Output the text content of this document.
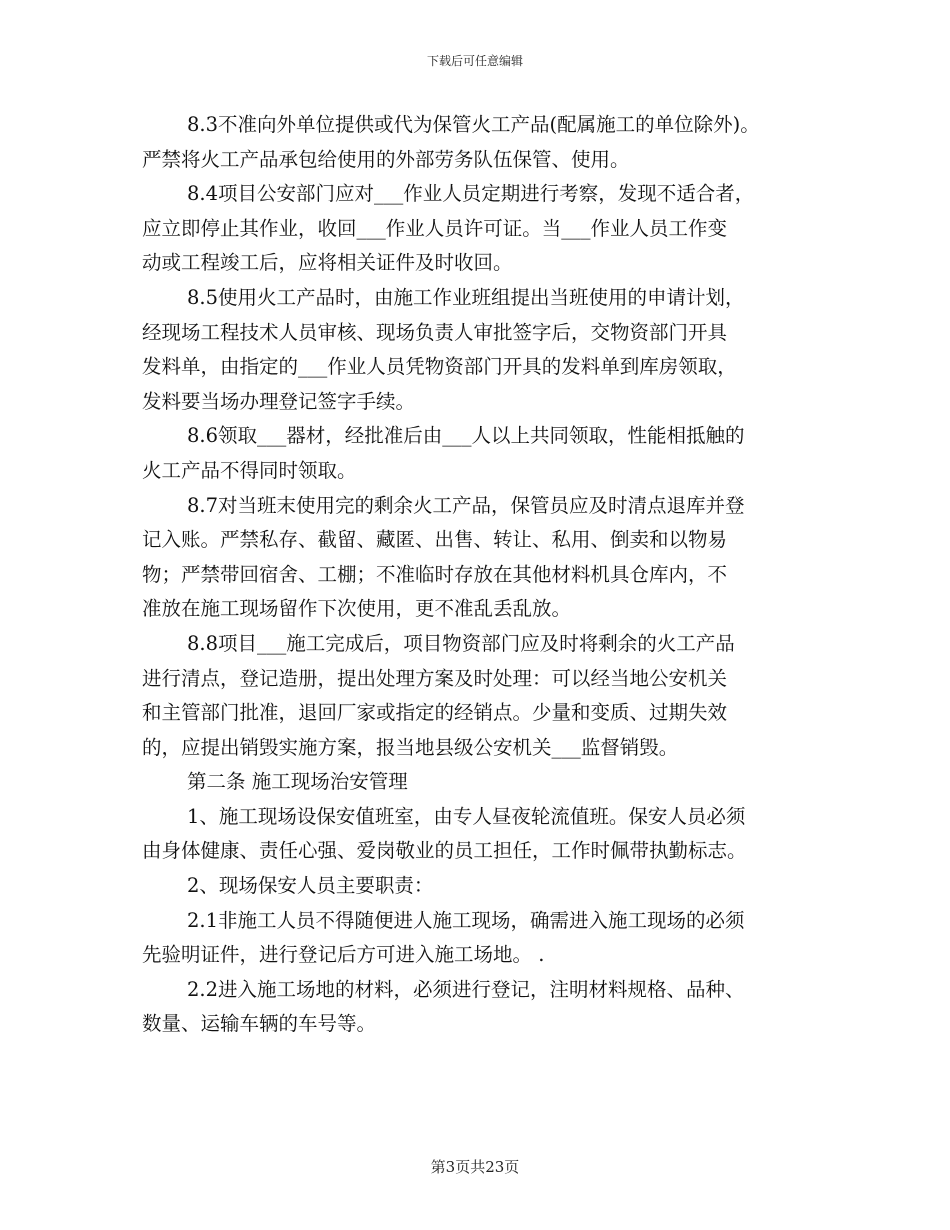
下载后可任意编辑
8.3不准向外单位提供或代为保管火工产品(配属施工的单位除外)。
严禁将火工产品承包给使用的外部劳务队伍保管、使用。
8.4项目公安部门应对___作业人员定期进行考察，发现不适合者，
应立即停止其作业，收回___作业人员许可证。当___作业人员工作变
动或工程竣工后，应将相关证件及时收回。
8.5使用火工产品时，由施工作业班组提出当班使用的申请计划，
经现场工程技术人员审核、现场负责人审批签字后，交物资部门开具
发料单，由指定的___作业人员凭物资部门开具的发料单到库房领取，
发料要当场办理登记签字手续。
8.6领取___器材，经批准后由___人以上共同领取，性能相抵触的
火工产品不得同时领取。
8.7对当班末使用完的剩余火工产品，保管员应及时清点退库并登
记入账。严禁私存、截留、藏匿、出售、转让、私用、倒卖和以物易
物；严禁带回宿舍、工棚；不准临时存放在其他材料机具仓库内，不
准放在施工现场留作下次使用，更不准乱丢乱放。
8.8项目___施工完成后，项目物资部门应及时将剩余的火工产品
进行清点，登记造册，提出处理方案及时处理：可以经当地公安机关
和主管部门批准，退回厂家或指定的经销点。少量和变质、过期失效
的，应提出销毁实施方案，报当地县级公安机关___监督销毁。
第二条 施工现场治安管理
1、施工现场设保安值班室，由专人昼夜轮流值班。保安人员必须
由身体健康、责任心强、爱岗敬业的员工担任，工作时佩带执勤标志。
2、现场保安人员主要职责：
2.1非施工人员不得随便进人施工现场，确需进入施工现场的必须
先验明证件，进行登记后方可进入施工场地。 .
2.2进入施工场地的材料，必须进行登记，注明材料规格、品种、
数量、运输车辆的车号等。
第3页共23页
